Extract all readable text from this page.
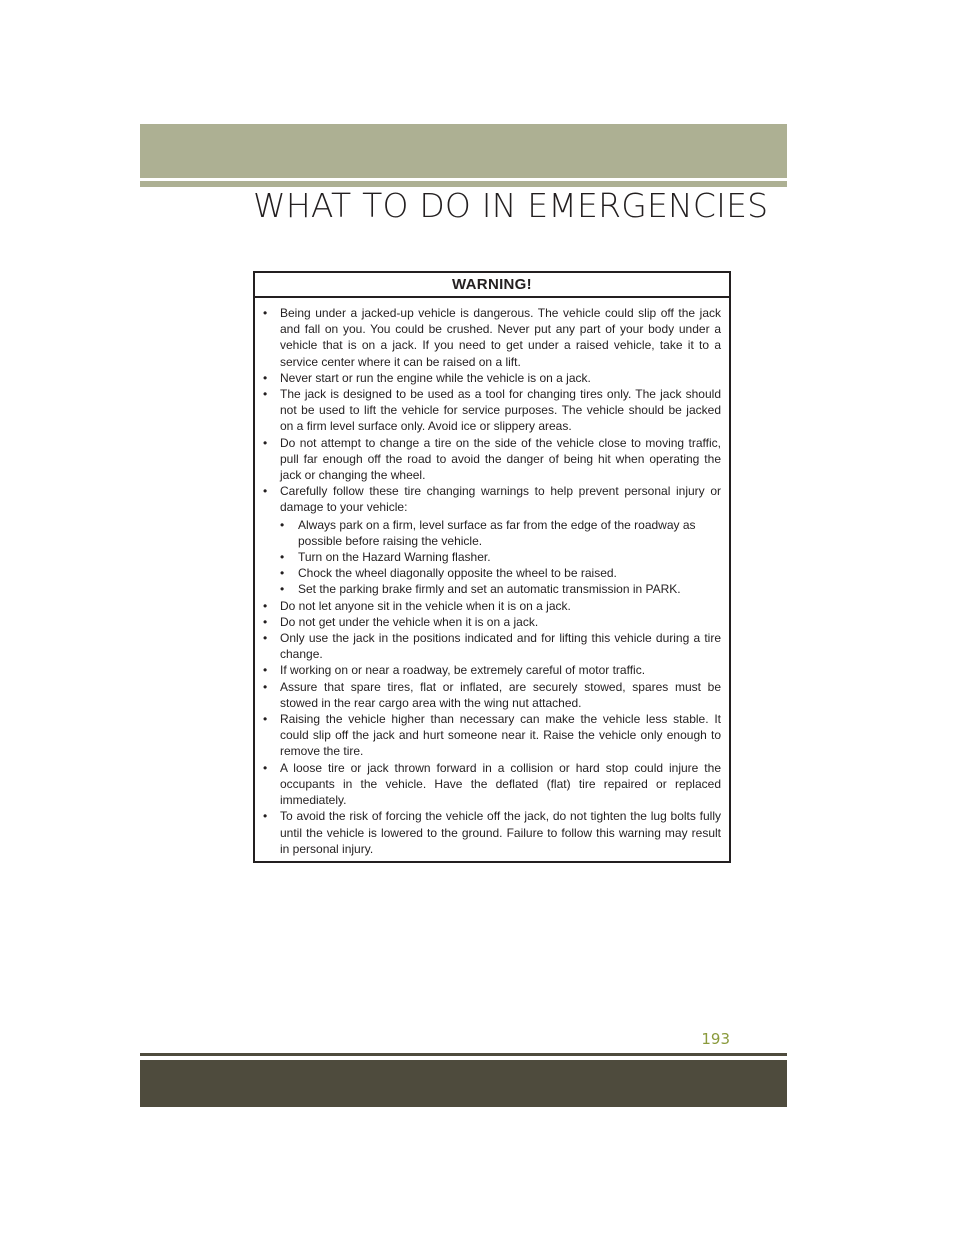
WHAT TO DO IN EMERGENCIES
WARNING!
• Being under a jacked-up vehicle is dangerous. The vehicle could slip off the jack and fall on you. You could be crushed. Never put any part of your body under a vehicle that is on a jack. If you need to get under a raised vehicle, take it to a service center where it can be raised on a lift.
• Never start or run the engine while the vehicle is on a jack.
• The jack is designed to be used as a tool for changing tires only. The jack should not be used to lift the vehicle for service purposes. The vehicle should be jacked on a firm level surface only. Avoid ice or slippery areas.
• Do not attempt to change a tire on the side of the vehicle close to moving traffic, pull far enough off the road to avoid the danger of being hit when operating the jack or changing the wheel.
• Carefully follow these tire changing warnings to help prevent personal injury or damage to your vehicle:
• Always park on a firm, level surface as far from the edge of the roadway as possible before raising the vehicle.
• Turn on the Hazard Warning flasher.
• Chock the wheel diagonally opposite the wheel to be raised.
• Set the parking brake firmly and set an automatic transmission in PARK.
• Do not let anyone sit in the vehicle when it is on a jack.
• Do not get under the vehicle when it is on a jack.
• Only use the jack in the positions indicated and for lifting this vehicle during a tire change.
• If working on or near a roadway, be extremely careful of motor traffic.
• Assure that spare tires, flat or inflated, are securely stowed, spares must be stowed in the rear cargo area with the wing nut attached.
• Raising the vehicle higher than necessary can make the vehicle less stable. It could slip off the jack and hurt someone near it. Raise the vehicle only enough to remove the tire.
• A loose tire or jack thrown forward in a collision or hard stop could injure the occupants in the vehicle. Have the deflated (flat) tire repaired or replaced immediately.
• To avoid the risk of forcing the vehicle off the jack, do not tighten the lug bolts fully until the vehicle is lowered to the ground. Failure to follow this warning may result in personal injury.
193
